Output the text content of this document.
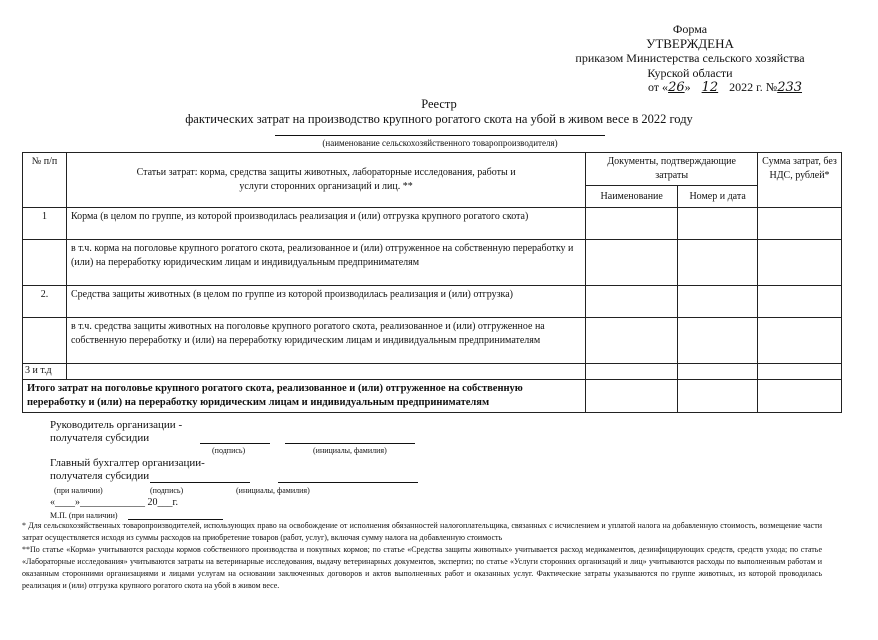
Форма
УТВЕРЖДЕНА
приказом Министерства сельского хозяйства
Курской области
от «26» 12 2022 г. №233
Реестр
фактических затрат на производство крупного рогатого скота на убой в живом весе в 2022 году
(наименование сельскохозяйственного товаропроизводителя)
№ п/п	Статьи затрат: корма, средства защиты животных, лабораторные исследования, работы и услуги сторонних организаций и лиц. **	Документы, подтверждающие затраты		Сумма затрат, без НДС, рублей*
		Наименование	Номер и дата	
1	Корма (в целом по группе, из которой производилась реализация и (или) отгрузка крупного рогатого скота)			
	в т.ч. корма на поголовье крупного рогатого скота, реализованное и (или) отгруженное на собственную переработку и (или) на переработку юридическим лицам и индивидуальным предпринимателям			
2.	Средства защиты животных (в целом по группе из которой производилась реализация и (или) отгрузка)			
	в т.ч. средства защиты животных на поголовье крупного рогатого скота, реализованное и (или) отгруженное на собственную переработку и (или) на переработку юридическим лицам и индивидуальным предпринимателям			
3 и т.д				
Итого затрат на поголовье крупного рогатого скота, реализованное и (или) отгруженное на собственную переработку и (или) на переработку юридическим лицам и индивидуальным предпринимателям				
Руководитель организации -
получателя субсидии
(подпись)	(инициалы, фамилия)
Главный бухгалтер организации-
получателя субсидии
(при наличии)	(подпись)	(инициалы, фамилия)
«____»_____________ 20___г.
М.П. (при наличии)
* Для сельскохозяйственных товаропроизводителей, использующих право на освобождение от исполнения обязанностей налогоплательщика, связанных с исчислением и уплатой налога на добавленную стоимость, возмещение части затрат осуществляется исходя из суммы расходов на приобретение товаров (работ, услуг), включая сумму налога на добавленную стоимость
**По статье «Корма» учитываются расходы кормов собственного производства и покупных кормов; по статье «Средства защиты животных» учитывается расход медикаментов, дезинфицирующих средств, средств ухода; по статье «Лабораторные исследования» учитываются затраты на ветеринарные исследования, выдачу ветеринарных документов, экспертиз; по статье «Услуги сторонних организаций и лиц» учитываются расходы по выполненным работам и оказанным сторонними организациями и лицами услугам на основании заключенных договоров и актов выполненных работ и оказанных услуг. Фактические затраты указываются по группе животных, из которой проводилась реализация и (или) отгрузка крупного рогатого скота на убой в живом весе.
